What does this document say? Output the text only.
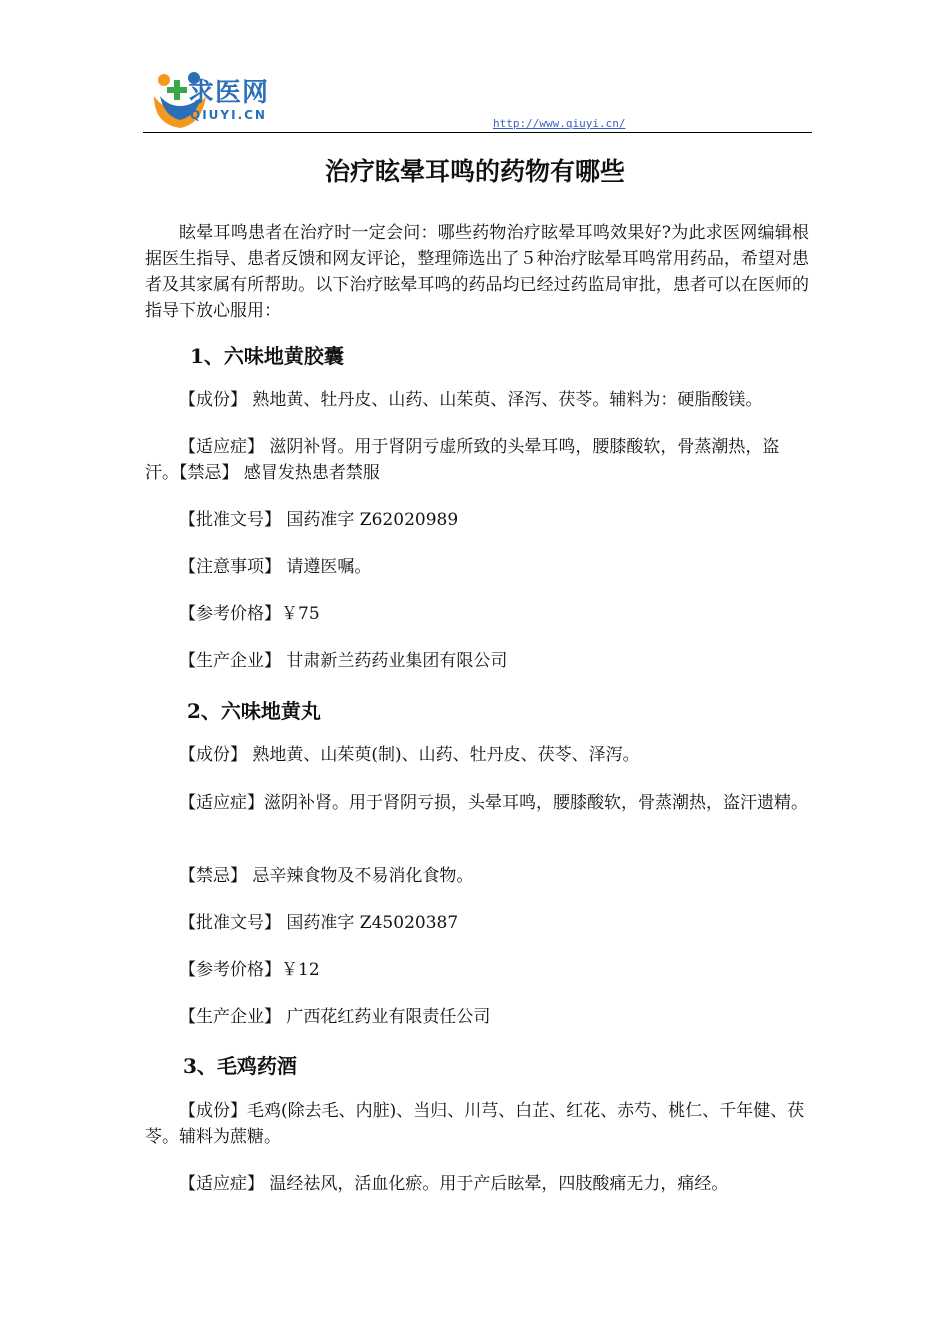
求医网
QIUYI.CN
http://www.qiuyi.cn/
治疗眩晕耳鸣的药物有哪些
眩晕耳鸣患者在治疗时一定会问：哪些药物治疗眩晕耳鸣效果好?为此求医网编辑根据医生指导、患者反馈和网友评论，整理筛选出了５种治疗眩晕耳鸣常用药品，希望对患者及其家属有所帮助。以下治疗眩晕耳鸣的药品均已经过药监局审批，患者可以在医师的指导下放心服用：
1、六味地黄胶囊
【成份】 熟地黄、牡丹皮、山药、山茱萸、泽泻、茯苓。辅料为：硬脂酸镁。
【适应症】 滋阴补肾。用于肾阴亏虚所致的头晕耳鸣，腰膝酸软，骨蒸潮热，盗汗。【禁忌】 感冒发热患者禁服
【批准文号】 国药准字 Z62020989
【注意事项】 请遵医嘱。
【参考价格】￥75
【生产企业】 甘肃新兰药药业集团有限公司
2、六味地黄丸
【成份】 熟地黄、山茱萸(制)、山药、牡丹皮、茯苓、泽泻。
【适应症】滋阴补肾。用于肾阴亏损，头晕耳鸣，腰膝酸软，骨蒸潮热，盗汗遗精。
【禁忌】 忌辛辣食物及不易消化食物。
【批准文号】 国药准字 Z45020387
【参考价格】￥12
【生产企业】 广西花红药业有限责任公司
3、毛鸡药酒
【成份】毛鸡(除去毛、内脏)、当归、川芎、白芷、红花、赤芍、桃仁、千年健、茯苓。辅料为蔗糖。
【适应症】 温经祛风，活血化瘀。用于产后眩晕，四肢酸痛无力，痛经。
